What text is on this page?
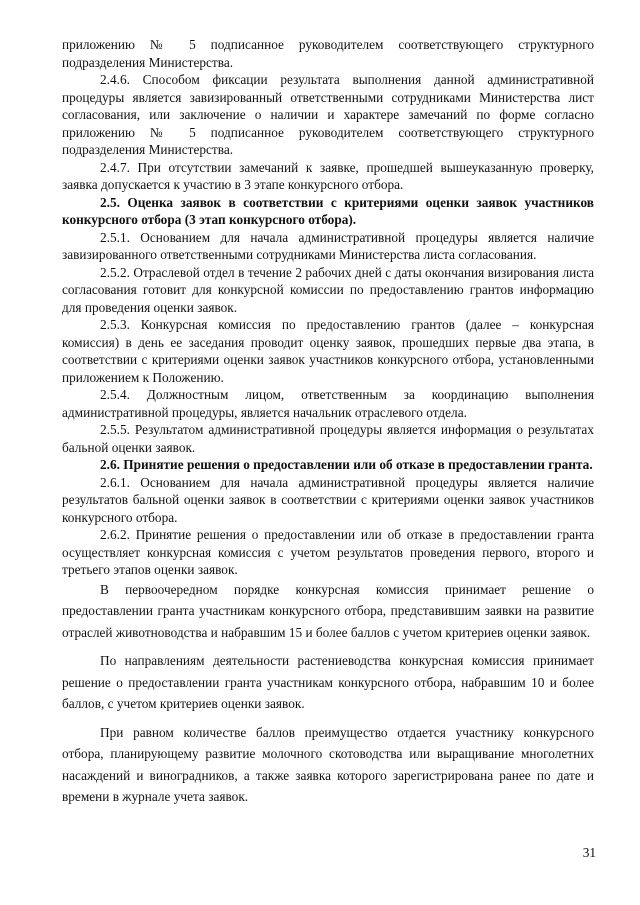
приложению № 5 подписанное руководителем соответствующего структурного подразделения Министерства.

2.4.6. Способом фиксации результата выполнения данной административной процедуры является завизированный ответственными сотрудниками Министерства лист согласования, или заключение о наличии и характере замечаний по форме согласно приложению № 5 подписанное руководителем соответствующего структурного подразделения Министерства.

2.4.7. При отсутствии замечаний к заявке, прошедшей вышеуказанную проверку, заявка допускается к участию в 3 этапе конкурсного отбора.

2.5. Оценка заявок в соответствии с критериями оценки заявок участников конкурсного отбора (3 этап конкурсного отбора).

2.5.1. Основанием для начала административной процедуры является наличие завизированного ответственными сотрудниками Министерства листа согласования.

2.5.2. Отраслевой отдел в течение 2 рабочих дней с даты окончания визирования листа согласования готовит для конкурсной комиссии по предоставлению грантов информацию для проведения оценки заявок.

2.5.3. Конкурсная комиссия по предоставлению грантов (далее – конкурсная комиссия) в день ее заседания проводит оценку заявок, прошедших первые два этапа, в соответствии с критериями оценки заявок участников конкурсного отбора, установленными приложением к Положению.

2.5.4. Должностным лицом, ответственным за координацию выполнения административной процедуры, является начальник отраслевого отдела.

2.5.5. Результатом административной процедуры является информация о результатах бальной оценки заявок.

2.6. Принятие решения о предоставлении или об отказе в предоставлении гранта.

2.6.1. Основанием для начала административной процедуры является наличие результатов бальной оценки заявок в соответствии с критериями оценки заявок участников конкурсного отбора.

2.6.2. Принятие решения о предоставлении или об отказе в предоставлении гранта осуществляет конкурсная комиссия с учетом результатов проведения первого, второго и третьего этапов оценки заявок.

В первоочередном порядке конкурсная комиссия принимает решение о предоставлении гранта участникам конкурсного отбора, представившим заявки на развитие отраслей животноводства и набравшим 15 и более баллов с учетом критериев оценки заявок.

По направлениям деятельности растениеводства конкурсная комиссия принимает решение о предоставлении гранта участникам конкурсного отбора, набравшим 10 и более баллов, с учетом критериев оценки заявок.

При равном количестве баллов преимущество отдается участнику конкурсного отбора, планирующему развитие молочного скотоводства или выращивание многолетних насаждений и виноградников, а также заявка которого зарегистрирована ранее по дате и времени в журнале учета заявок.

31
